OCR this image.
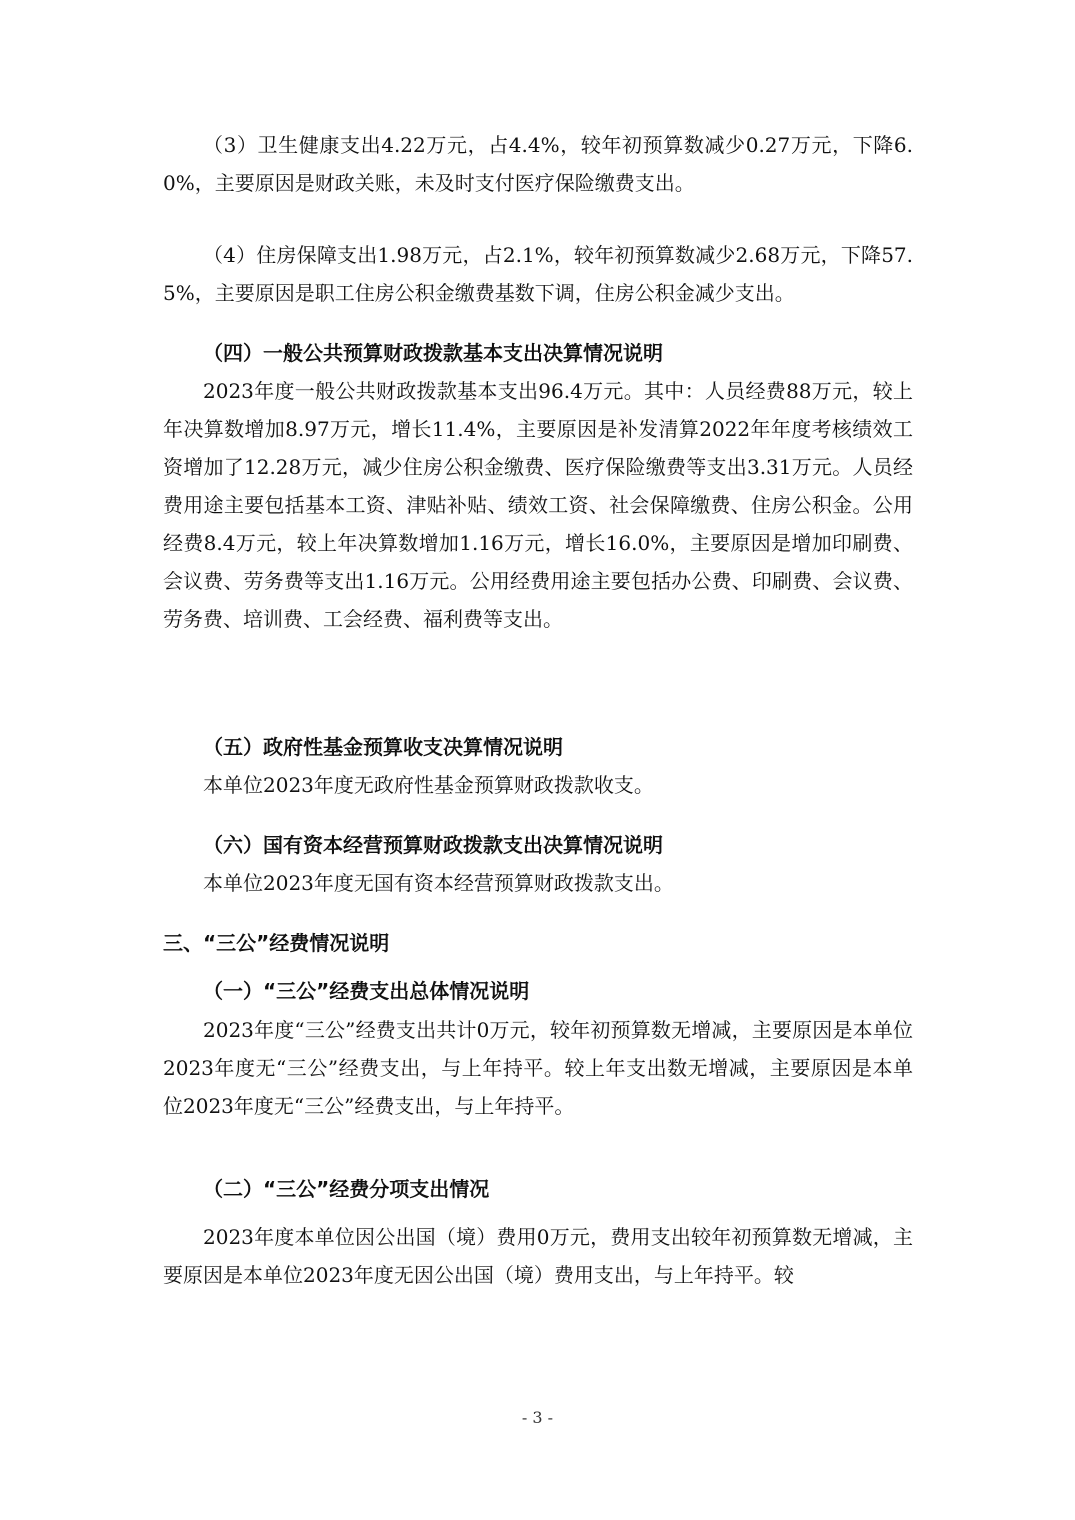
（3）卫生健康支出4.22万元，占4.4%，较年初预算数减少0.27万元，下降6.0%，主要原因是财政关账，未及时支付医疗保险缴费支出。

（4）住房保障支出1.98万元，占2.1%，较年初预算数减少2.68万元，下降57.5%，主要原因是职工住房公积金缴费基数下调，住房公积金减少支出。

（四）一般公共预算财政拨款基本支出决算情况说明

2023年度一般公共财政拨款基本支出96.4万元。其中：人员经费88万元，较上年决算数增加8.97万元，增长11.4%，主要原因是补发清算2022年年度考核绩效工资增加了12.28万元，减少住房公积金缴费、医疗保险缴费等支出3.31万元。人员经费用途主要包括基本工资、津贴补贴、绩效工资、社会保障缴费、住房公积金。公用经费8.4万元，较上年决算数增加1.16万元，增长16.0%，主要原因是增加印刷费、会议费、劳务费等支出1.16万元。公用经费用途主要包括办公费、印刷费、会议费、劳务费、培训费、工会经费、福利费等支出。

（五）政府性基金预算收支决算情况说明

本单位2023年度无政府性基金预算财政拨款收支。

（六）国有资本经营预算财政拨款支出决算情况说明

本单位2023年度无国有资本经营预算财政拨款支出。

三、“三公”经费情况说明

（一）“三公”经费支出总体情况说明

2023年度“三公”经费支出共计0万元，较年初预算数无增减，主要原因是本单位2023年度无“三公”经费支出，与上年持平。较上年支出数无增减，主要原因是本单位2023年度无“三公”经费支出，与上年持平。

（二）“三公”经费分项支出情况

2023年度本单位因公出国（境）费用0万元，费用支出较年初预算数无增减，主要原因是本单位2023年度无因公出国（境）费用支出，与上年持平。较

- 3 -
